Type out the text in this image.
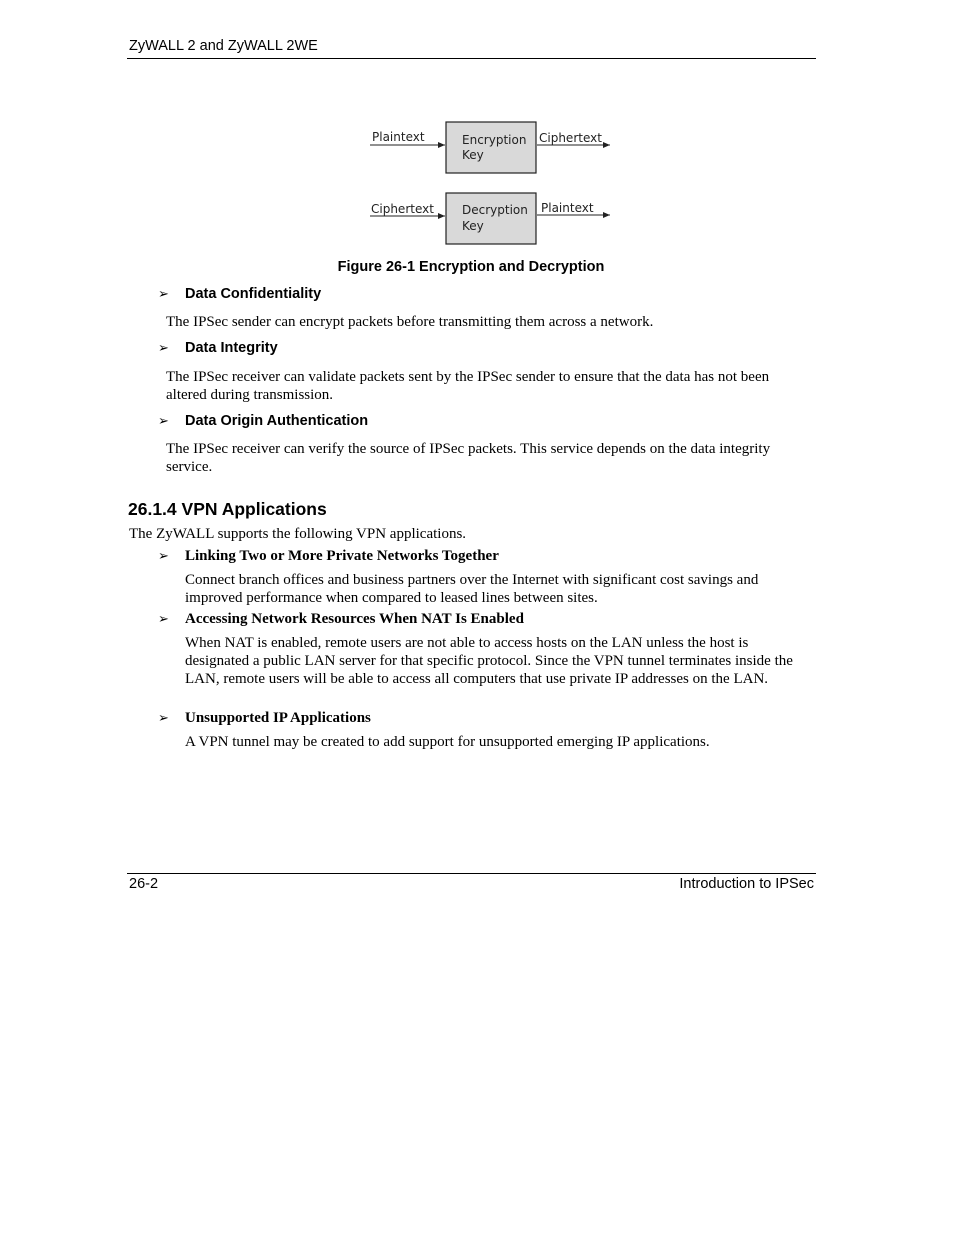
ZyWALL 2 and ZyWALL 2WE
Plaintext	Encryption
Key
Ciphertext
Ciphertext Decryption
Key
Plaintext
Figure 26-1 Encryption and Decryption
➢	Data Confidentiality
The IPSec sender can encrypt packets before transmitting them across a network.
➢	Data Integrity
The IPSec receiver can validate packets sent by the IPSec sender to ensure that the data has not been altered during transmission.
➢	Data Origin Authentication
The IPSec receiver can verify the source of IPSec packets. This service depends on the data integrity service.
26.1.4 VPN Applications
The ZyWALL supports the following VPN applications.
➢	Linking Two or More Private Networks Together
Connect branch offices and business partners over the Internet with significant cost savings and improved performance when compared to leased lines between sites.
➢	Accessing Network Resources When NAT Is Enabled
When NAT is enabled, remote users are not able to access hosts on the LAN unless the host is designated a public LAN server for that specific protocol. Since the VPN tunnel terminates inside the LAN, remote users will be able to access all computers that use private IP addresses on the LAN.
➢	Unsupported IP Applications
A VPN tunnel may be created to add support for unsupported emerging IP applications.
26-2	Introduction to IPSec
